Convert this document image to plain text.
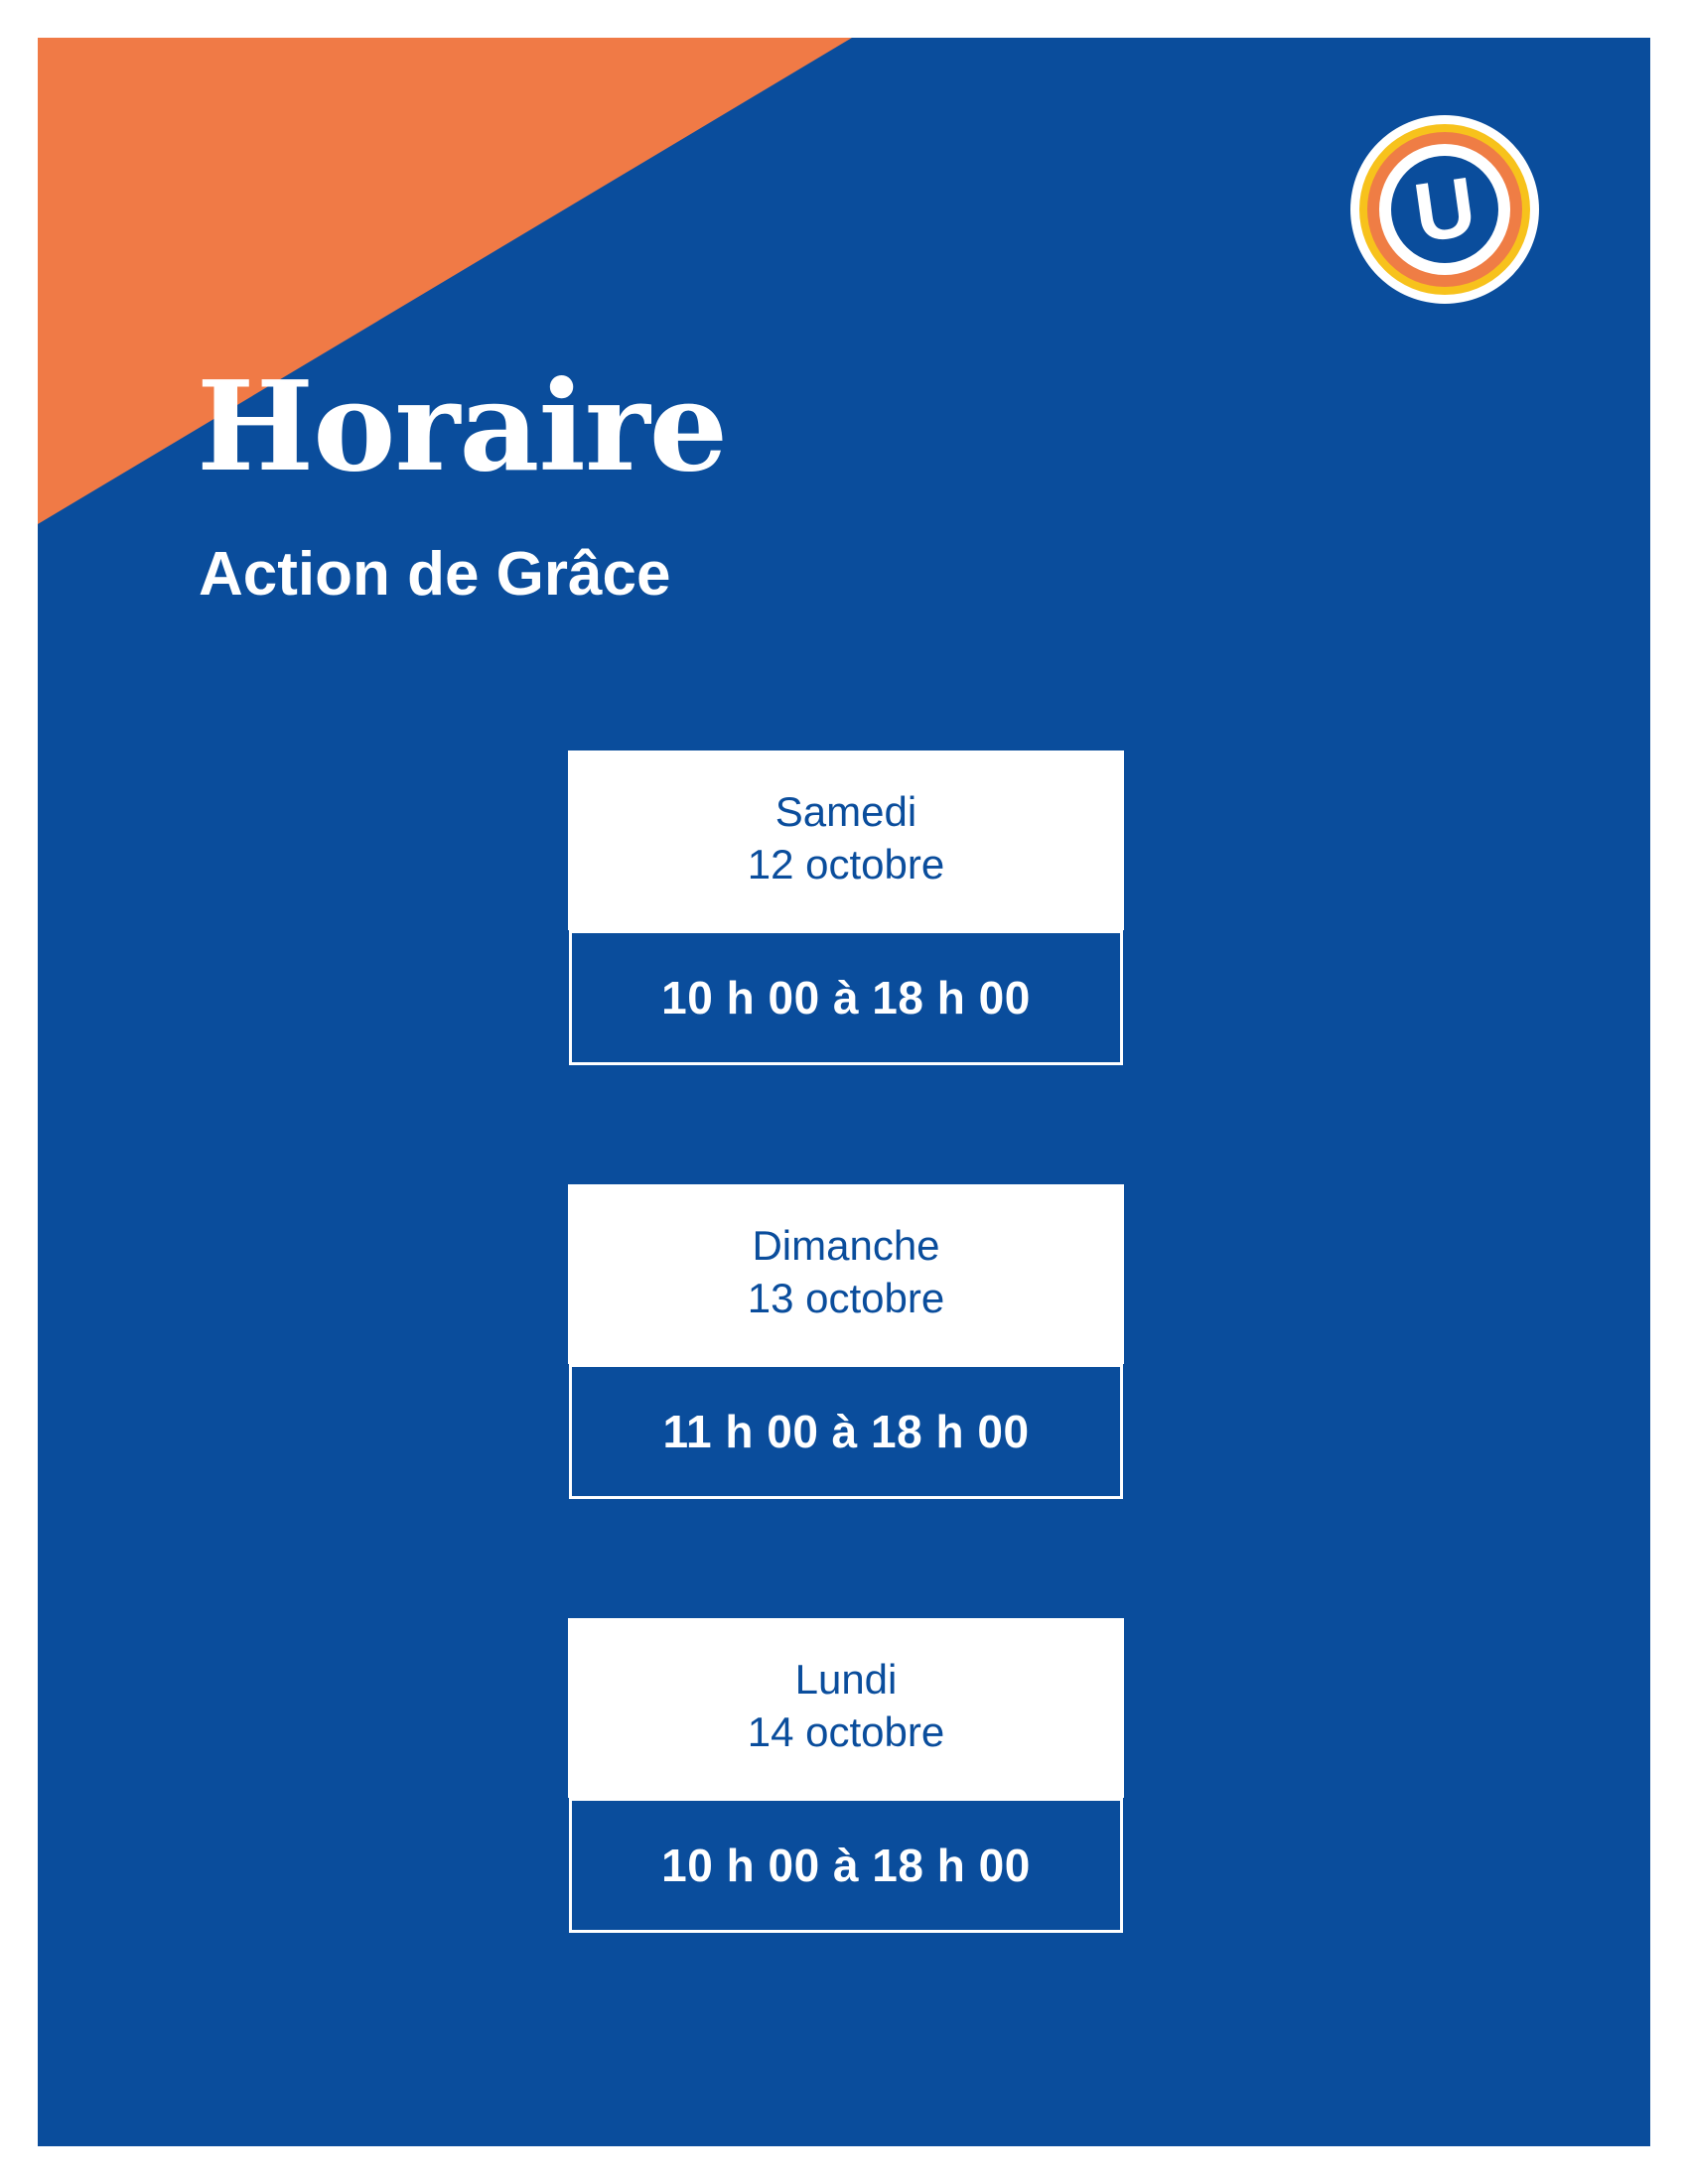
U
Horaire
Action de Grâce
Samedi
12 octobre
10 h 00 à 18 h 00
Dimanche
13 octobre
11 h 00 à 18 h 00
Lundi
14 octobre
10 h 00 à 18 h 00
